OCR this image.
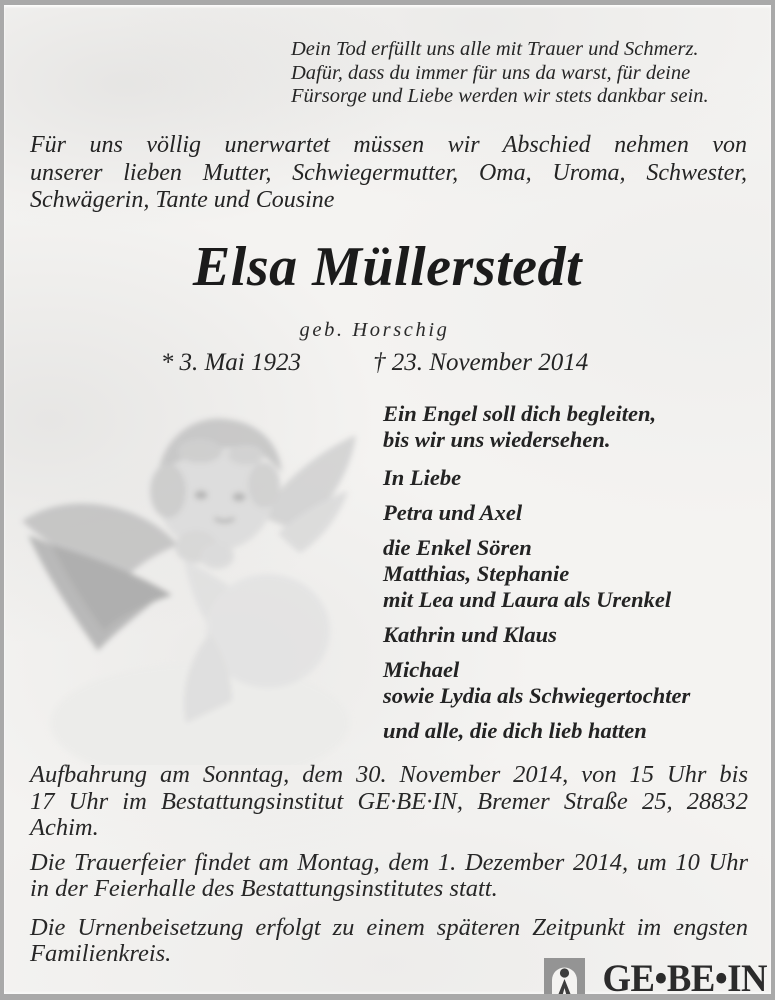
Dein Tod erfüllt uns alle mit Trauer und Schmerz.
Dafür, dass du immer für uns da warst, für deine
Fürsorge und Liebe werden wir stets dankbar sein.
Für uns völlig unerwartet müssen wir Abschied nehmen von
unserer lieben Mutter, Schwiegermutter, Oma, Uroma, Schwester,
Schwägerin, Tante und Cousine
Elsa Müllerstedt
geb. Horschig
* 3. Mai 1923	† 23. November 2014

Ein Engel soll dich begleiten,
bis wir uns wiedersehen.

In Liebe

Petra und Axel

die Enkel Sören
Matthias, Stephanie
mit Lea und Laura als Urenkel

Kathrin und Klaus

Michael
sowie Lydia als Schwiegertochter

und alle, die dich lieb hatten

Aufbahrung am Sonntag, dem 30. November 2014, von 15 Uhr bis
17 Uhr im Bestattungsinstitut GE·BE·IN, Bremer Straße 25, 28832
Achim.

Die Trauerfeier findet am Montag, dem 1. Dezember 2014, um 10 Uhr
in der Feierhalle des Bestattungsinstitutes statt.

Die Urnenbeisetzung erfolgt zu einem späteren Zeitpunkt im engsten
Familienkreis.

GE•BE•IN
